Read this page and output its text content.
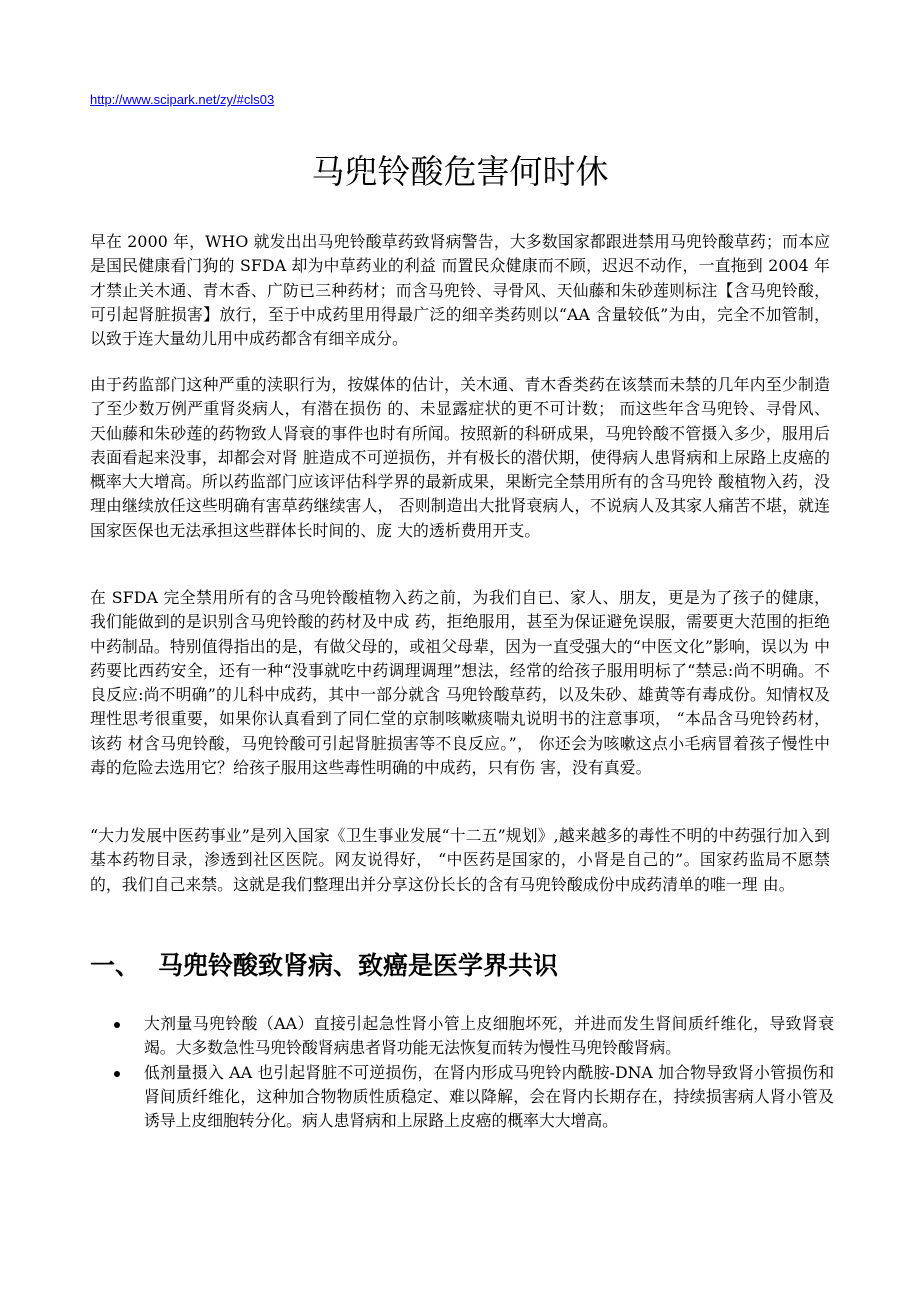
http://www.scipark.net/zy/#cls03
马兜铃酸危害何时休

早在 2000 年，WHO 就发出出马兜铃酸草药致肾病警告，大多数国家都跟进禁用马兜铃酸草药；而本应是国民健康看门狗的 SFDA 却为中草药业的利益 而置民众健康而不顾，迟迟不动作，一直拖到 2004 年才禁止关木通、青木香、广防已三种药材；而含马兜铃、寻骨风、天仙藤和朱砂莲则标注【含马兜铃酸，可引起肾脏损害】放行，至于中成药里用得最广泛的细辛类药则以“AA 含量较低”为由，完全不加管制，以致于连大量幼儿用中成药都含有细辛成分。

由于药监部门这种严重的渎职行为，按媒体的估计，关木通、青木香类药在该禁而未禁的几年内至少制造了至少数万例严重肾炎病人，有潜在损伤 的、未显露症状的更不可计数； 而这些年含马兜铃、寻骨风、天仙藤和朱砂莲的药物致人肾衰的事件也时有所闻。按照新的科研成果，马兜铃酸不管摄入多少，服用后表面看起来没事，却都会对肾 脏造成不可逆损伤，并有极长的潜伏期，使得病人患肾病和上尿路上皮癌的概率大大增高。所以药监部门应该评估科学界的最新成果，果断完全禁用所有的含马兜铃 酸植物入药，没理由继续放任这些明确有害草药继续害人， 否则制造出大批肾衰病人，不说病人及其家人痛苦不堪，就连国家医保也无法承担这些群体长时间的、庞 大的透析费用开支。

在 SFDA 完全禁用所有的含马兜铃酸植物入药之前，为我们自已、家人、朋友，更是为了孩子的健康，我们能做到的是识别含马兜铃酸的药材及中成 药，拒绝服用，甚至为保证避免误服，需要更大范围的拒绝中药制品。特别值得指出的是，有做父母的，或祖父母辈，因为一直受强大的“中医文化”影响，误以为 中药要比西药安全，还有一种“没事就吃中药调理调理”想法，经常的给孩子服用明标了“禁忌:尚不明确。不良反应:尚不明确”的儿科中成药，其中一部分就含 马兜铃酸草药，以及朱砂、雄黄等有毒成份。知情权及理性思考很重要，如果你认真看到了同仁堂的京制咳嗽痰喘丸说明书的注意事项， “本品含马兜铃药材，该药 材含马兜铃酸，马兜铃酸可引起肾脏损害等不良反应。”， 你还会为咳嗽这点小毛病冒着孩子慢性中毒的危险去选用它？给孩子服用这些毒性明确的中成药，只有伤 害，没有真爱。

“大力发展中医药事业”是列入国家《卫生事业发展“十二五”规划》,越来越多的毒性不明的中药强行加入到基本药物目录，渗透到社区医院。网友说得好， “中医药是国家的，小肾是自己的”。国家药监局不愿禁的，我们自己来禁。这就是我们整理出并分享这份长长的含有马兜铃酸成份中成药清单的唯一理 由。

一、 马兜铃酸致肾病、致癌是医学界共识
大剂量马兜铃酸（AA）直接引起急性肾小管上皮细胞坏死，并进而发生肾间质纤维化，导致肾衰竭。大多数急性马兜铃酸肾病患者肾功能无法恢复而转为慢性马兜铃酸肾病。
低剂量摄入 AA 也引起肾脏不可逆损伤，在肾内形成马兜铃内酰胺-DNA 加合物导致肾小管损伤和肾间质纤维化，这种加合物物质性质稳定、难以降解，会在肾内长期存在，持续损害病人肾小管及诱导上皮细胞转分化。病人患肾病和上尿路上皮癌的概率大大增高。
